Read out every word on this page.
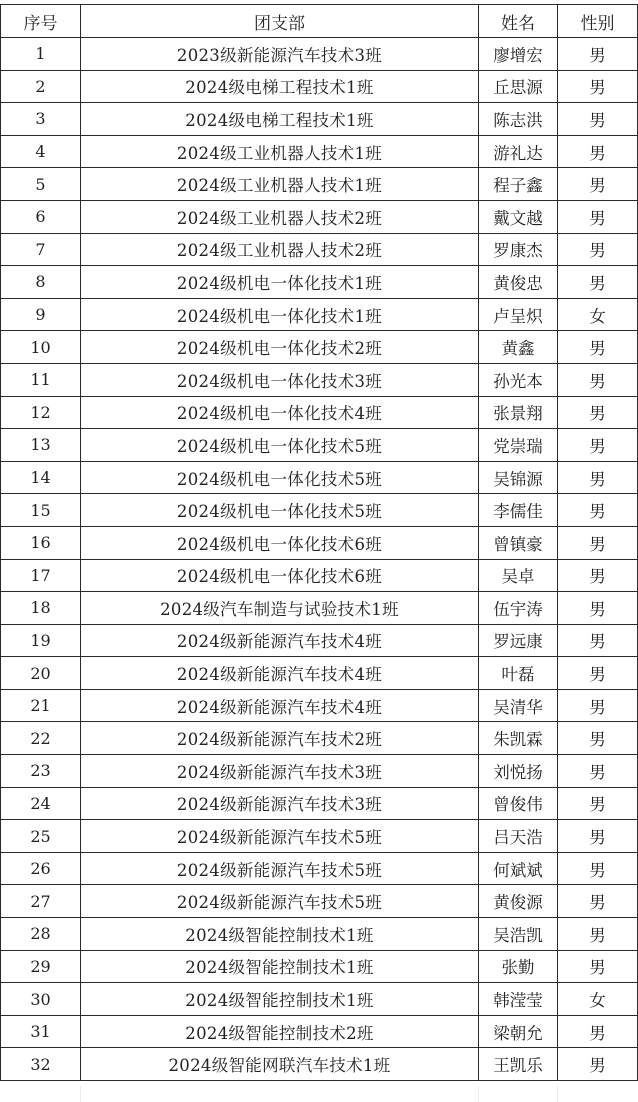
序号	团支部	姓名	性别
1	2023级新能源汽车技术3班	廖增宏	男
2	2024级电梯工程技术1班	丘思源	男
3	2024级电梯工程技术1班	陈志洪	男
4	2024级工业机器人技术1班	游礼达	男
5	2024级工业机器人技术1班	程子鑫	男
6	2024级工业机器人技术2班	戴文越	男
7	2024级工业机器人技术2班	罗康杰	男
8	2024级机电一体化技术1班	黄俊忠	男
9	2024级机电一体化技术1班	卢呈炽	女
10	2024级机电一体化技术2班	黄鑫	男
11	2024级机电一体化技术3班	孙光本	男
12	2024级机电一体化技术4班	张景翔	男
13	2024级机电一体化技术5班	党崇瑞	男
14	2024级机电一体化技术5班	吴锦源	男
15	2024级机电一体化技术5班	李儒佳	男
16	2024级机电一体化技术6班	曾镇豪	男
17	2024级机电一体化技术6班	吴卓	男
18	2024级汽车制造与试验技术1班	伍宇涛	男
19	2024级新能源汽车技术4班	罗远康	男
20	2024级新能源汽车技术4班	叶磊	男
21	2024级新能源汽车技术4班	吴清华	男
22	2024级新能源汽车技术2班	朱凯霖	男
23	2024级新能源汽车技术3班	刘悦扬	男
24	2024级新能源汽车技术3班	曾俊伟	男
25	2024级新能源汽车技术5班	吕天浩	男
26	2024级新能源汽车技术5班	何斌斌	男
27	2024级新能源汽车技术5班	黄俊源	男
28	2024级智能控制技术1班	吴浩凯	男
29	2024级智能控制技术1班	张勤	男
30	2024级智能控制技术1班	韩滢莹	女
31	2024级智能控制技术2班	梁朝允	男
32	2024级智能网联汽车技术1班	王凯乐	男
